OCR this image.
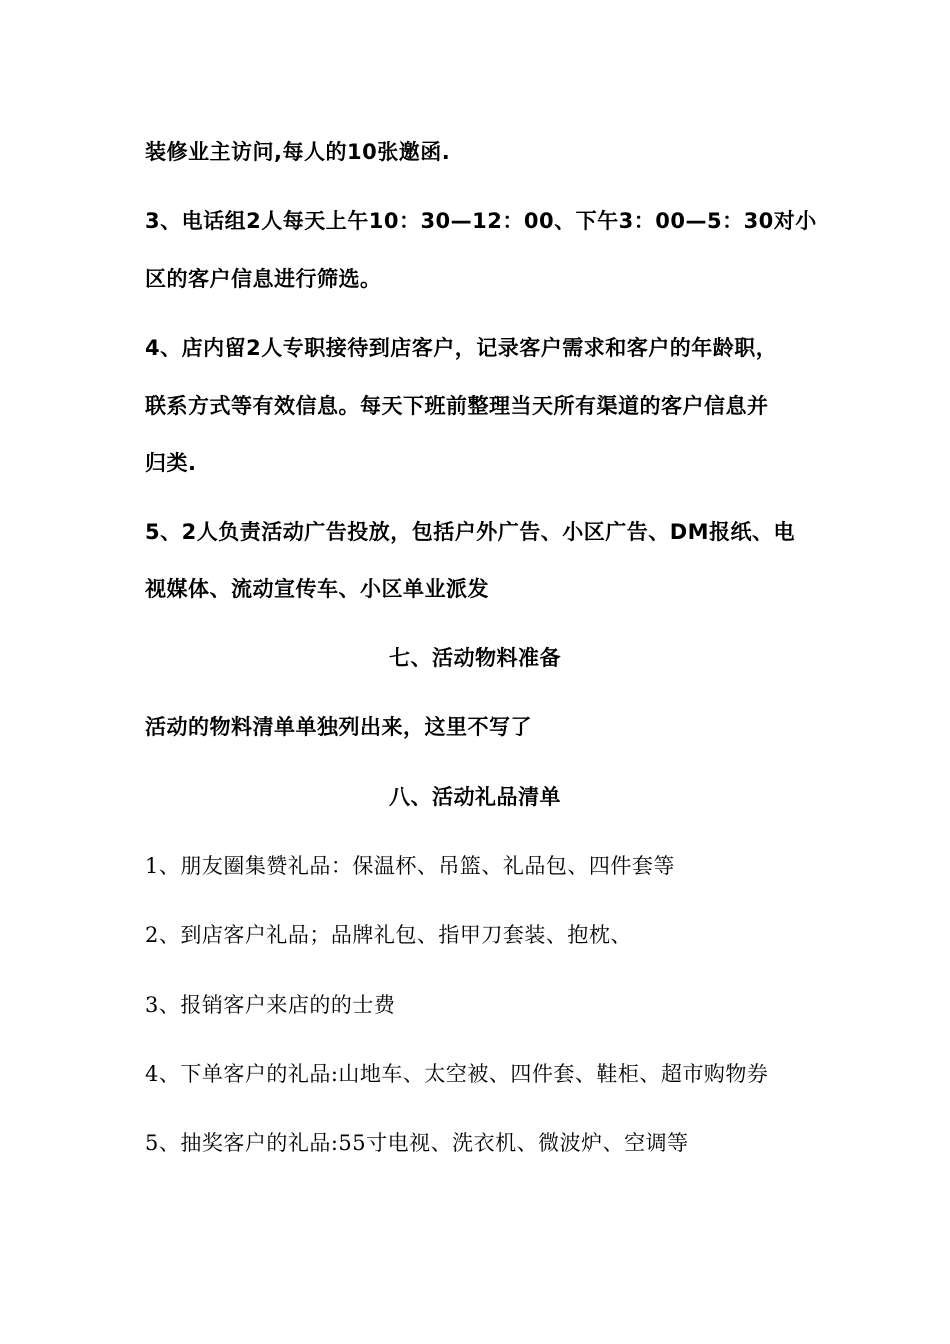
装修业主访问,每人的10张邀函.
3、电话组2人每天上午10：30—12：00、下午3：00—5：30对小
区的客户信息进行筛选。
4、店内留2人专职接待到店客户，记录客户需求和客户的年龄职，
联系方式等有效信息。每天下班前整理当天所有渠道的客户信息并
归类.
5、2人负责活动广告投放，包括户外广告、小区广告、DM报纸、电
视媒体、流动宣传车、小区单业派发
七、活动物料准备
活动的物料清单单独列出来，这里不写了
八、活动礼品清单
1、朋友圈集赞礼品：保温杯、吊篮、礼品包、四件套等
2、到店客户礼品；品牌礼包、指甲刀套装、抱枕、
3、报销客户来店的的士费
4、下单客户的礼品:山地车、太空被、四件套、鞋柜、超市购物券
5、抽奖客户的礼品:55寸电视、洗衣机、微波炉、空调等
